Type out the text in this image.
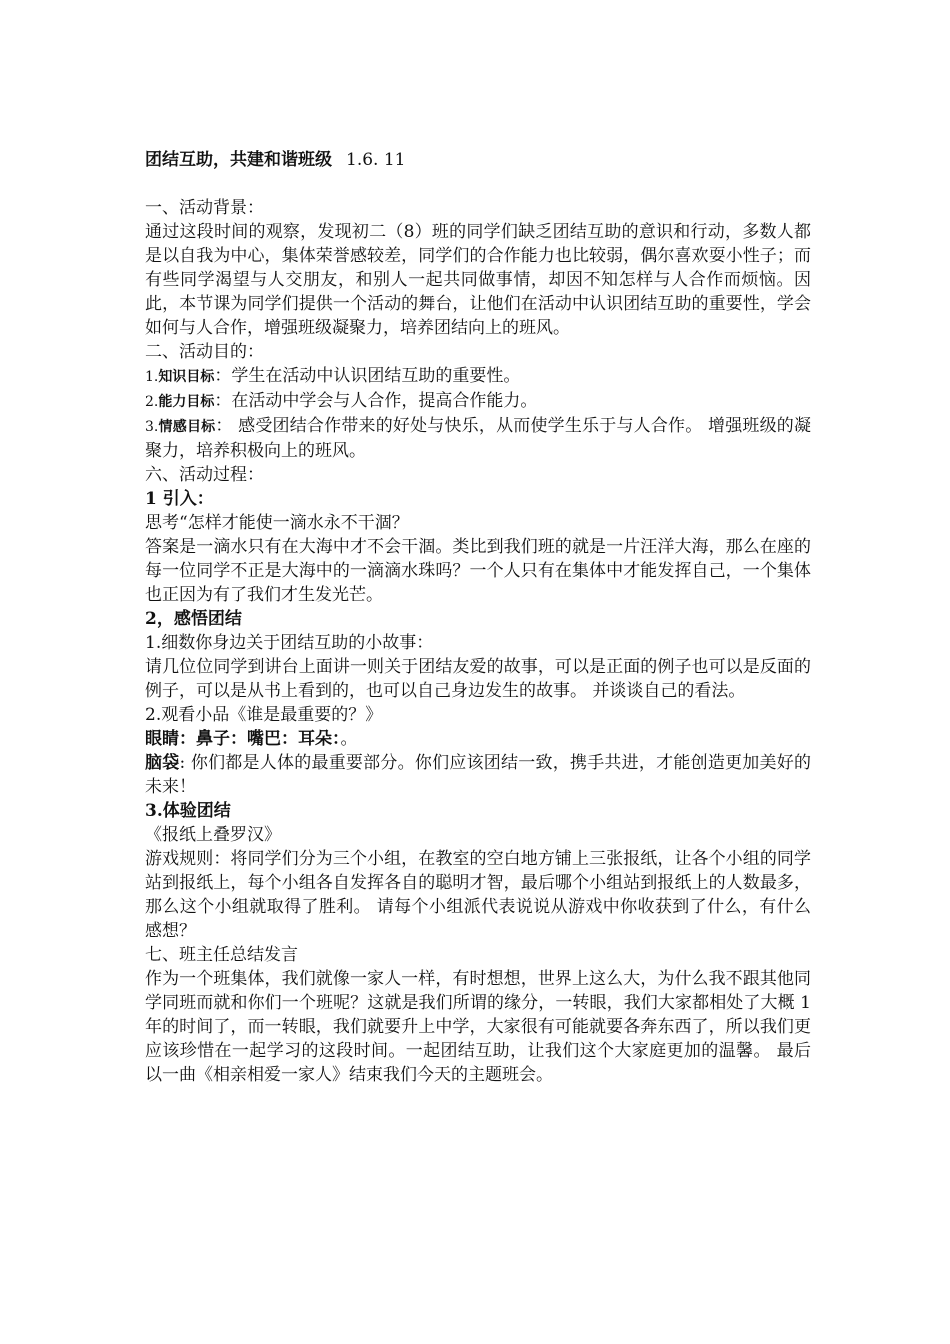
团结互助，共建和谐班级 1.6. 11

一、活动背景：

通过这段时间的观察，发现初二（8）班的同学们缺乏团结互助的意识和行动，多数人都是以自我为中心，集体荣誉感较差，同学们的合作能力也比较弱，偶尔喜欢耍小性子；而有些同学渴望与人交朋友，和别人一起共同做事情，却因不知怎样与人合作而烦恼。因此，本节课为同学们提供一个活动的舞台，让他们在活动中认识团结互助的重要性，学会如何与人合作，增强班级凝聚力，培养团结向上的班风。

二、活动目的：

1.知识目标：学生在活动中认识团结互助的重要性。

2.能力目标：在活动中学会与人合作，提高合作能力。

3.情感目标： 感受团结合作带来的好处与快乐，从而使学生乐于与人合作。 增强班级的凝聚力，培养积极向上的班风。

六、活动过程：

1 引入：

思考“怎样才能使一滴水永不干涸？

答案是一滴水只有在大海中才不会干涸。类比到我们班的就是一片汪洋大海，那么在座的每一位同学不正是大海中的一滴滴水珠吗？一个人只有在集体中才能发挥自己，一个集体也正因为有了我们才生发光芒。

2，感悟团结

1.细数你身边关于团结互助的小故事：

请几位位同学到讲台上面讲一则关于团结友爱的故事，可以是正面的例子也可以是反面的例子，可以是从书上看到的，也可以自己身边发生的故事。 并谈谈自己的看法。

2.观看小品《谁是最重要的？》

眼睛：鼻子：嘴巴：耳朵：。

脑袋: 你们都是人体的最重要部分。你们应该团结一致，携手共进，才能创造更加美好的未来！

3.体验团结

《报纸上叠罗汉》

游戏规则：将同学们分为三个小组，在教室的空白地方铺上三张报纸，让各个小组的同学站到报纸上，每个小组各自发挥各自的聪明才智，最后哪个小组站到报纸上的人数最多，那么这个小组就取得了胜利。 请每个小组派代表说说从游戏中你收获到了什么，有什么感想？

七、班主任总结发言

作为一个班集体，我们就像一家人一样，有时想想，世界上这么大，为什么我不跟其他同学同班而就和你们一个班呢？这就是我们所谓的缘分，一转眼，我们大家都相处了大概 1 年的时间了，而一转眼，我们就要升上中学，大家很有可能就要各奔东西了，所以我们更应该珍惜在一起学习的这段时间。一起团结互助，让我们这个大家庭更加的温馨。 最后以一曲《相亲相爱一家人》结束我们今天的主题班会。
